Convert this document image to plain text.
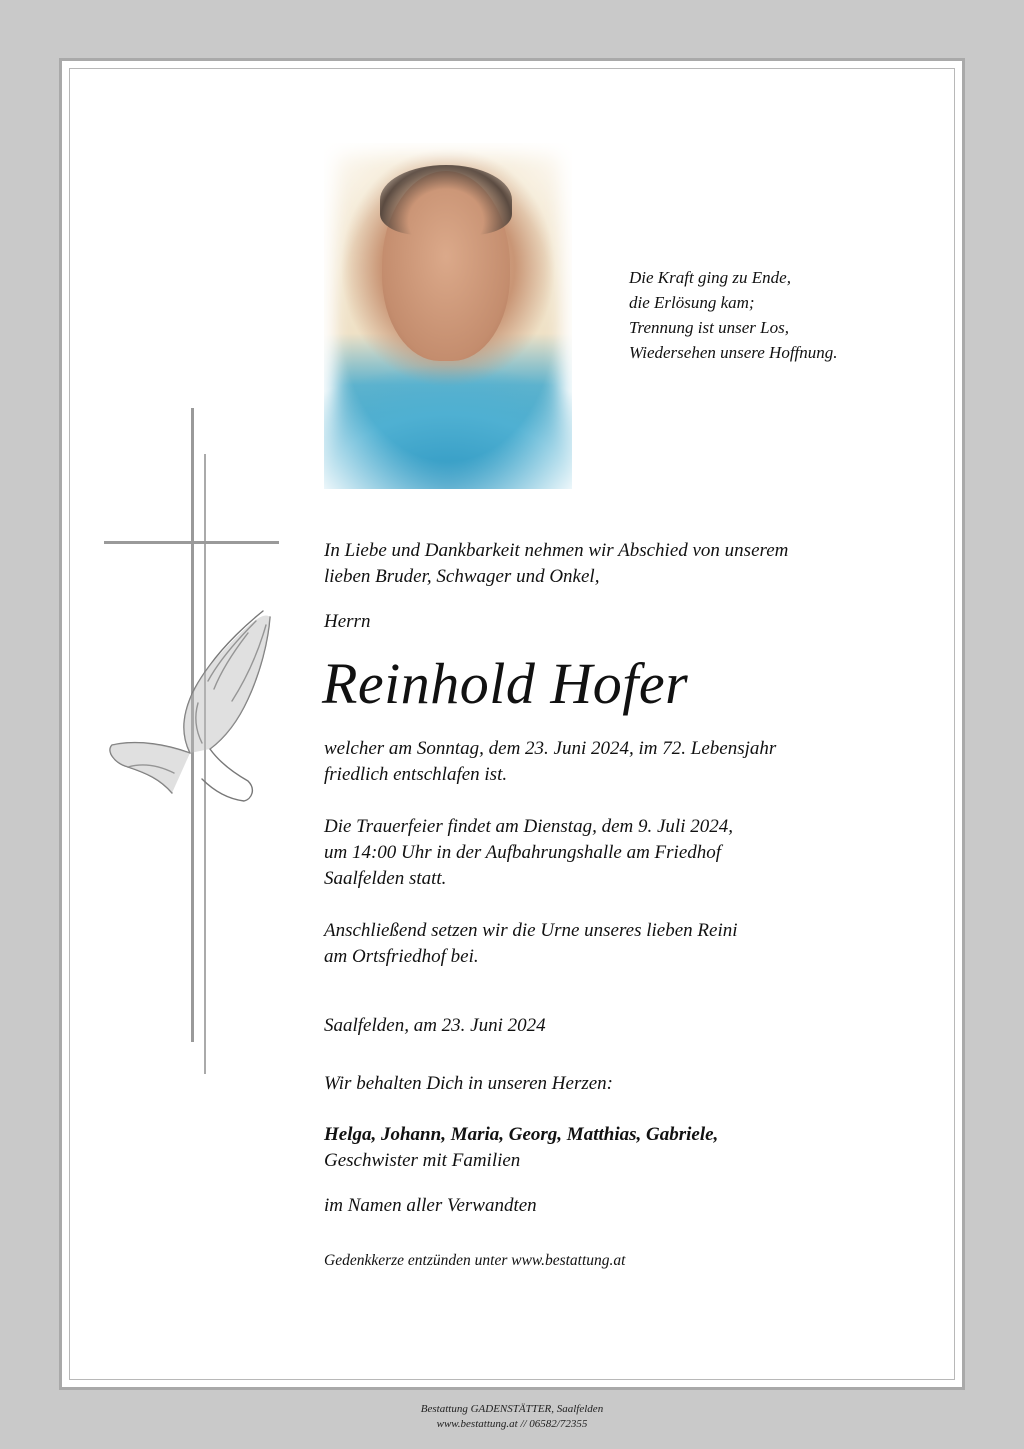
Die Kraft ging zu Ende,
die Erlösung kam;
Trennung ist unser Los,
Wiedersehen unsere Hoffnung.
In Liebe und Dankbarkeit nehmen wir Abschied von unserem
lieben Bruder, Schwager und Onkel,
Herrn
Reinhold Hofer
welcher am Sonntag, dem 23. Juni 2024, im 72. Lebensjahr
friedlich entschlafen ist.
Die Trauerfeier findet am Dienstag, dem 9. Juli 2024,
um 14:00 Uhr in der Aufbahrungshalle am Friedhof
Saalfelden statt.
Anschließend setzen wir die Urne unseres lieben Reini
am Ortsfriedhof bei.
Saalfelden, am 23. Juni 2024
Wir behalten Dich in unseren Herzen:
Helga, Johann, Maria, Georg, Matthias, Gabriele,
Geschwister mit Familien
im Namen aller Verwandten
Gedenkkerze entzünden unter www.bestattung.at
Bestattung GADENSTÄTTER, Saalfelden
www.bestattung.at // 06582/72355
